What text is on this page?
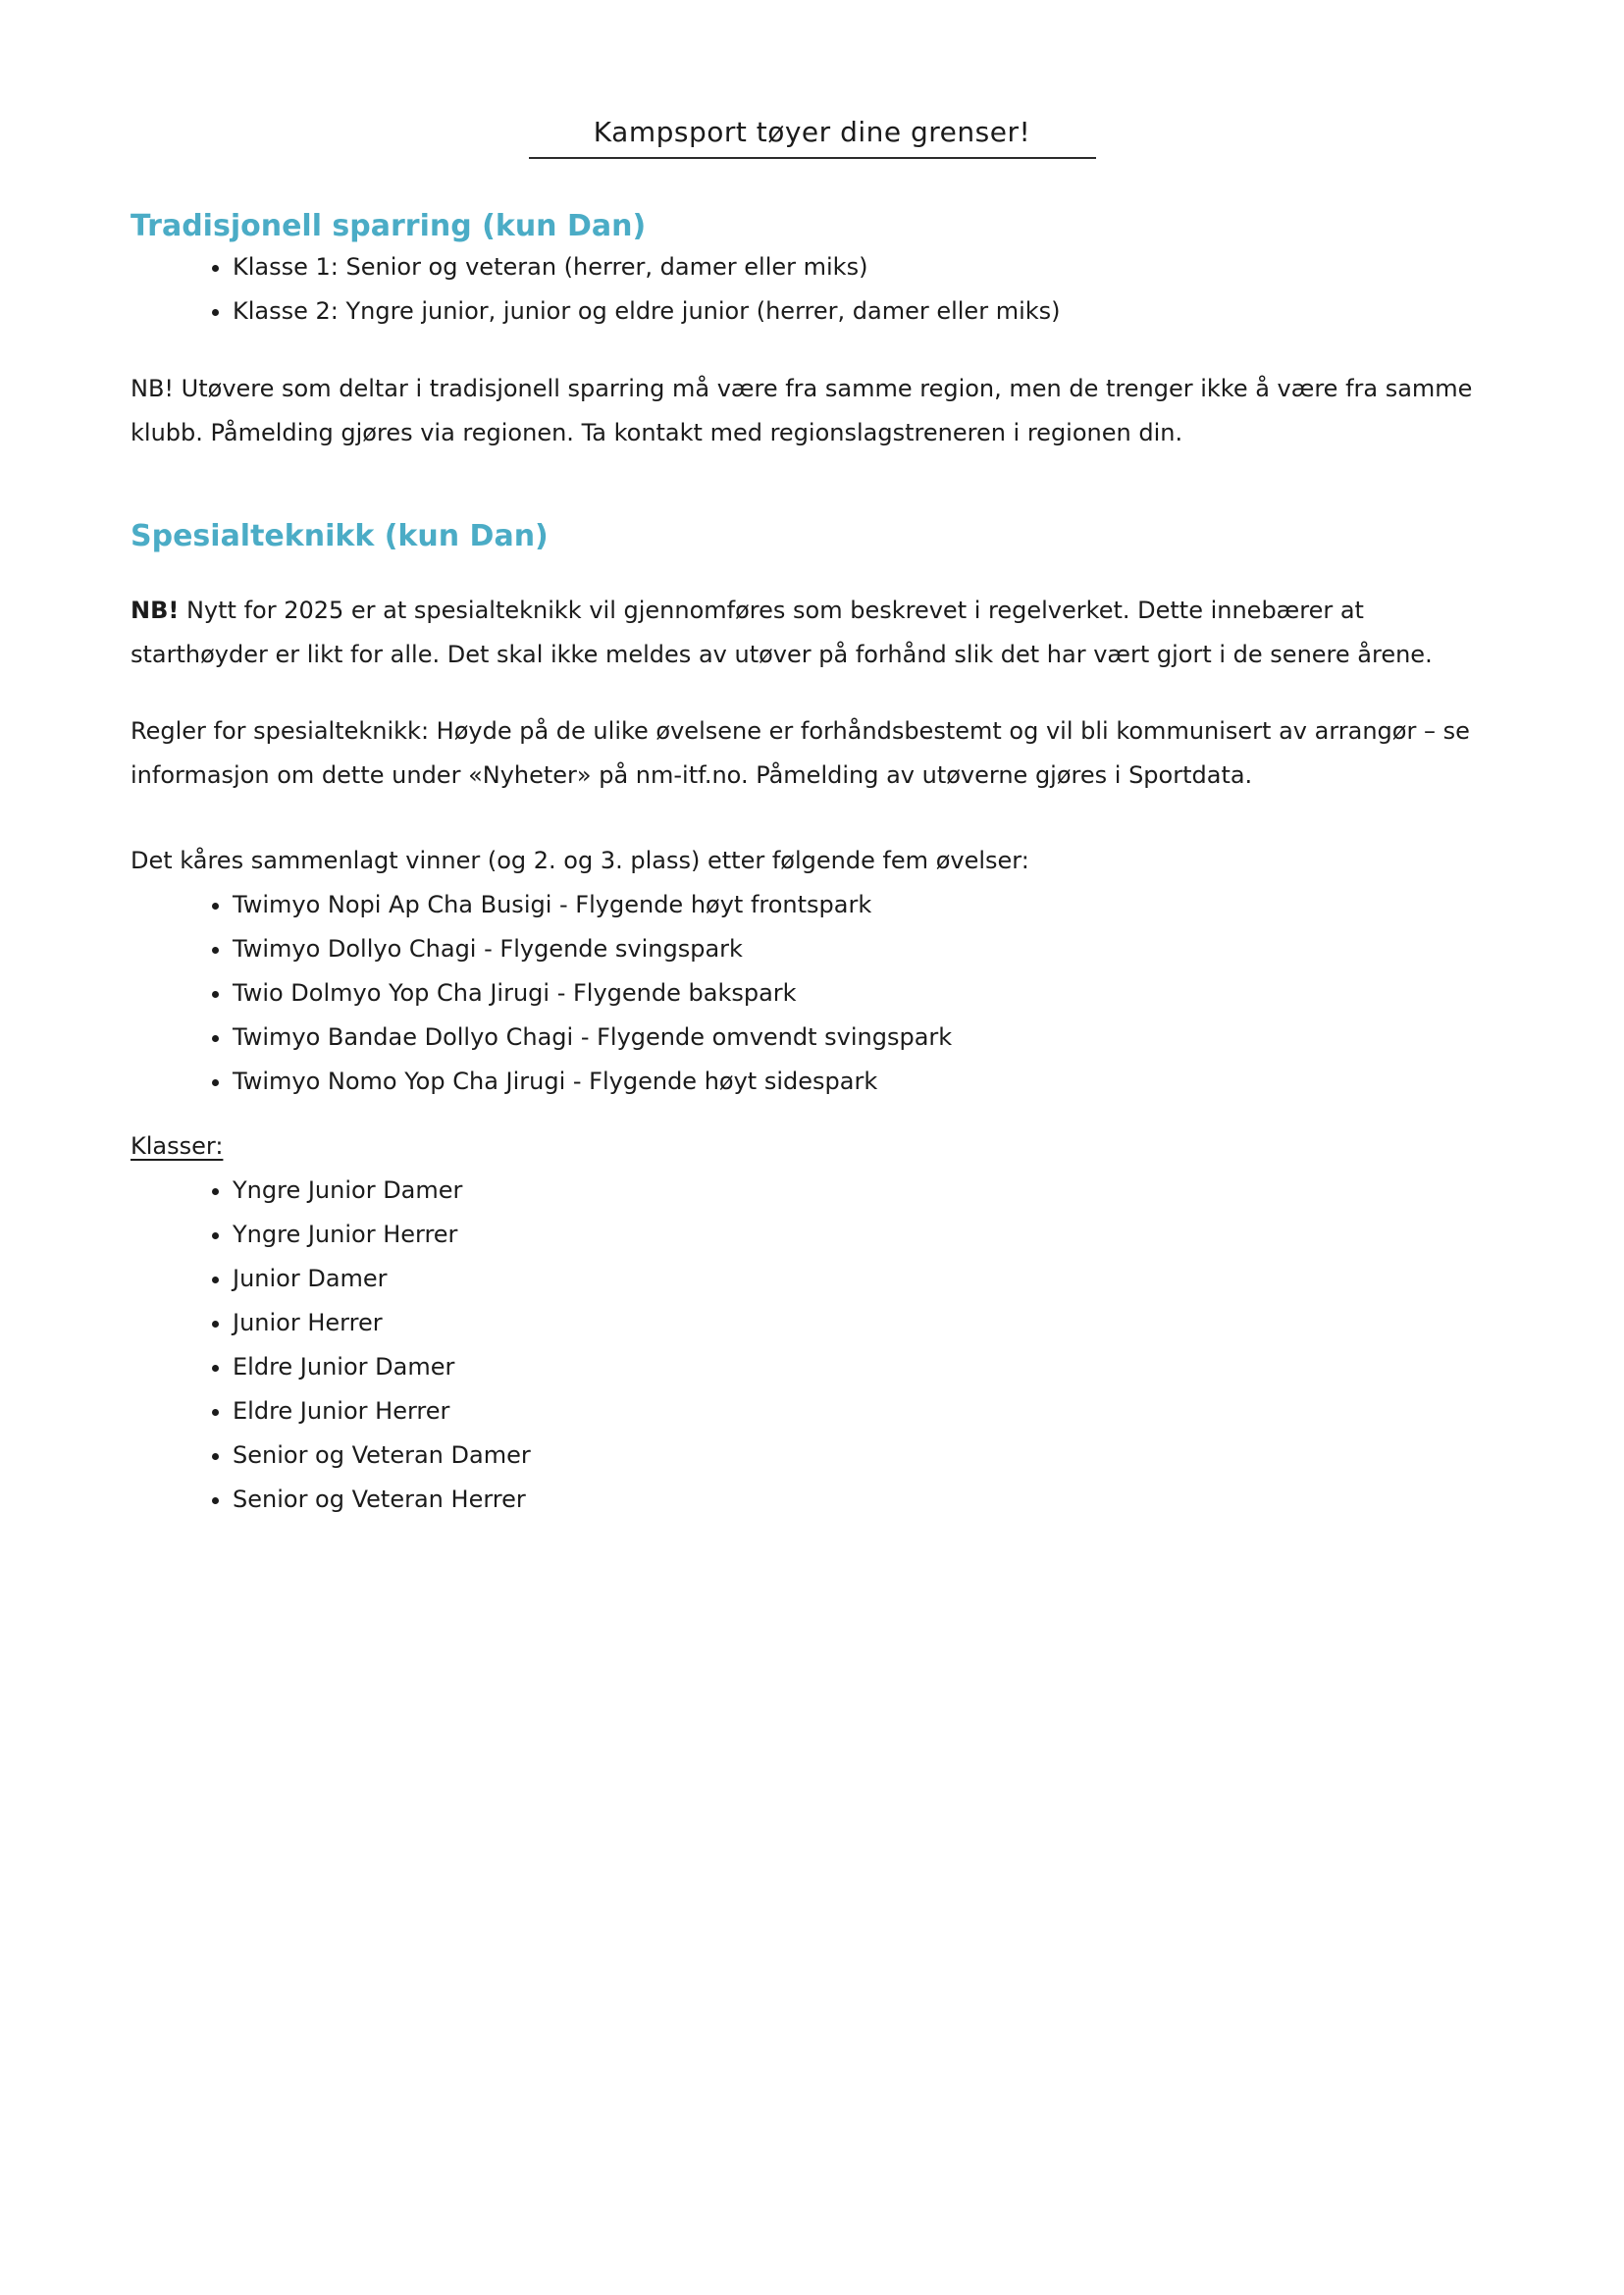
Kampsport tøyer dine grenser!
Tradisjonell sparring (kun Dan)
• Klasse 1: Senior og veteran (herrer, damer eller miks)
• Klasse 2: Yngre junior, junior og eldre junior (herrer, damer eller miks)

NB! Utøvere som deltar i tradisjonell sparring må være fra samme region, men de trenger ikke å være fra samme klubb. Påmelding gjøres via regionen. Ta kontakt med regionslagstreneren i regionen din.

Spesialteknikk (kun Dan)

NB! Nytt for 2025 er at spesialteknikk vil gjennomføres som beskrevet i regelverket. Dette innebærer at starthøyder er likt for alle. Det skal ikke meldes av utøver på forhånd slik det har vært gjort i de senere årene.

Regler for spesialteknikk: Høyde på de ulike øvelsene er forhåndsbestemt og vil bli kommunisert av arrangør – se informasjon om dette under «Nyheter» på nm-itf.no. Påmelding av utøverne gjøres i Sportdata.

Det kåres sammenlagt vinner (og 2. og 3. plass) etter følgende fem øvelser:

• Twimyo Nopi Ap Cha Busigi - Flygende høyt frontspark
• Twimyo Dollyo Chagi - Flygende svingspark
• Twio Dolmyo Yop Cha Jirugi - Flygende bakspark
• Twimyo Bandae Dollyo Chagi - Flygende omvendt svingspark
• Twimyo Nomo Yop Cha Jirugi - Flygende høyt sidespark

Klasser:

• Yngre Junior Damer
• Yngre Junior Herrer
• Junior Damer
• Junior Herrer
• Eldre Junior Damer
• Eldre Junior Herrer
• Senior og Veteran Damer
• Senior og Veteran Herrer
